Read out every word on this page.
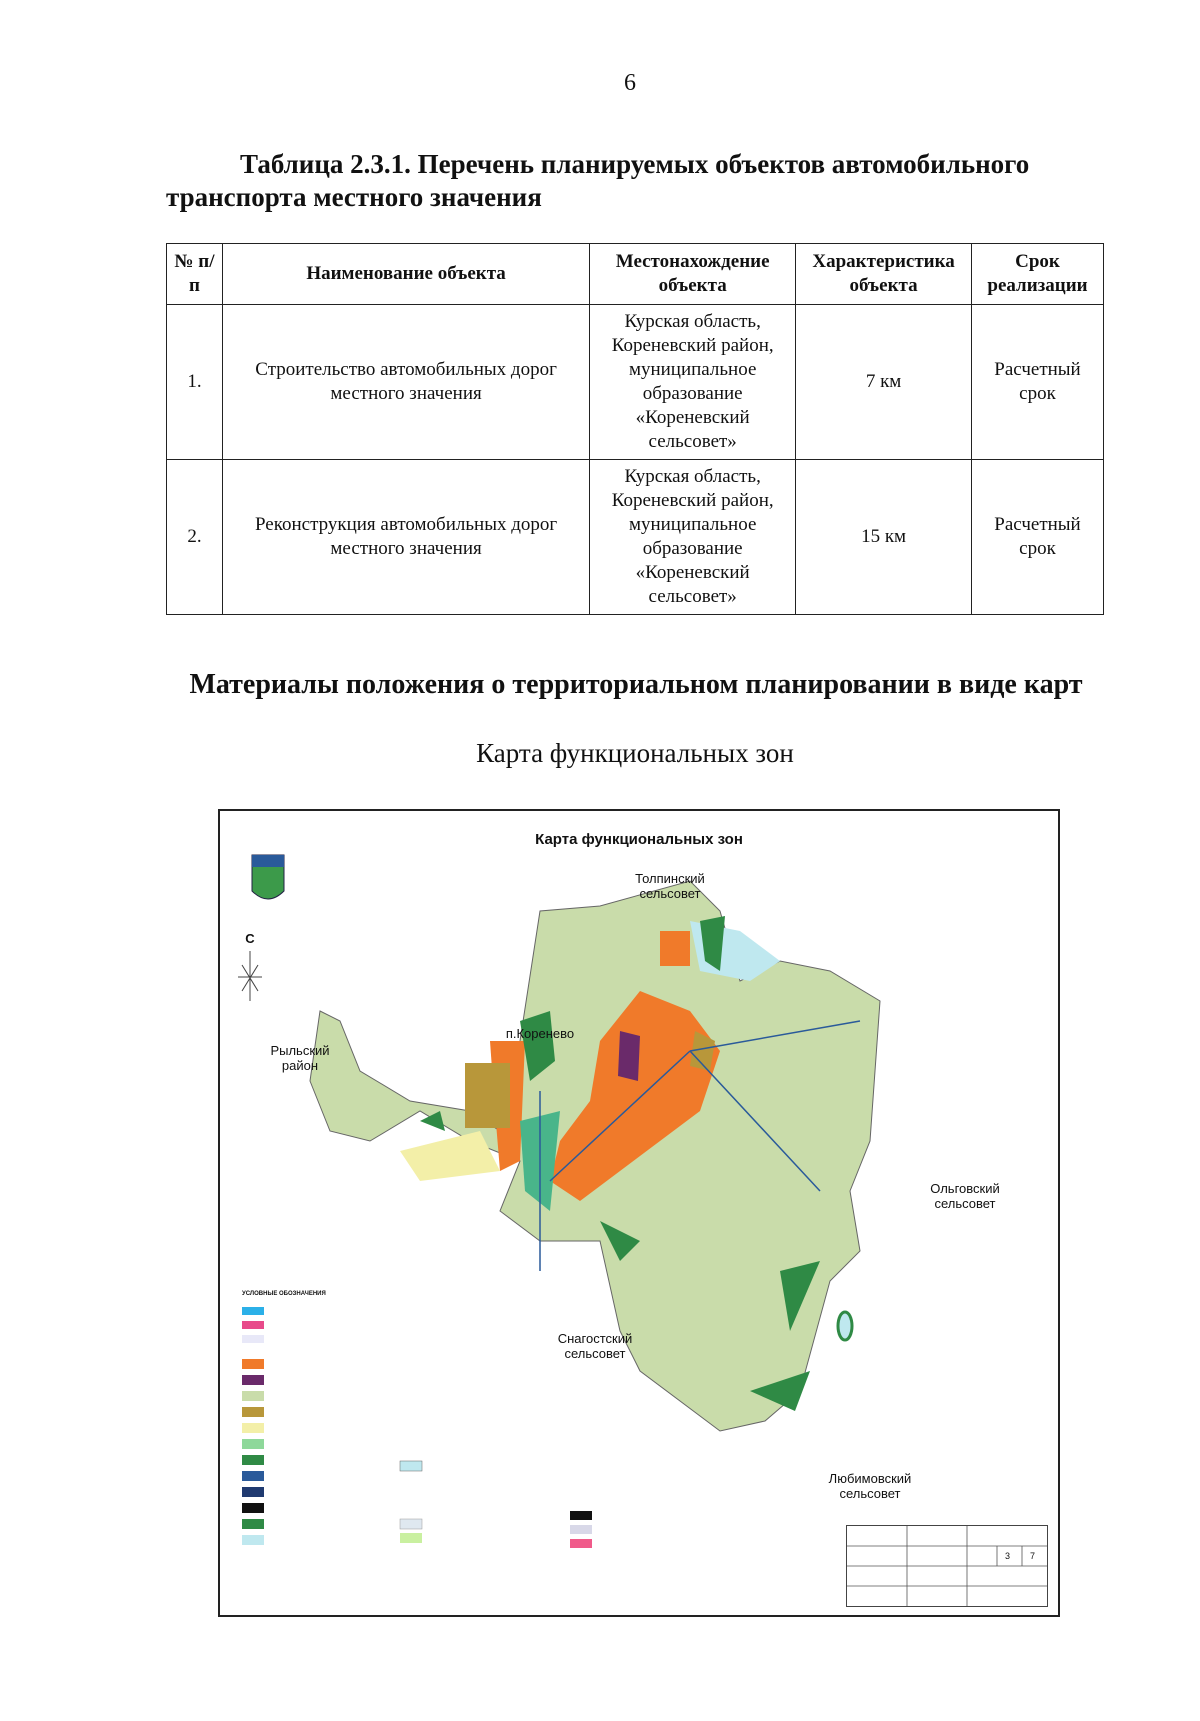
6
Таблица 2.3.1. Перечень планируемых объектов автомобильного транспорта местного значения
№ п/п	Наименование объекта	Местонахождение объекта	Характеристика объекта	Срок реализации
1.	Строительство автомобильных дорог местного значения	Курская область, Кореневский район, муниципальное образование «Кореневский сельсовет»	7 км	Расчетный срок
2.	Реконструкция автомобильных дорог местного значения	Курская область, Кореневский район, муниципальное образование «Кореневский сельсовет»	15 км	Расчетный срок
Материалы положения о территориальном планировании в виде карт
Карта функциональных зон
Карта функциональных зон
Толпинский сельсовет
п.Коренево
Рыльский район
Ольговский сельсовет
Снагостский сельсовет
Любимовский сельсовет
С
УСЛОВНЫЕ ОБОЗНАЧЕНИЯ
3 7
